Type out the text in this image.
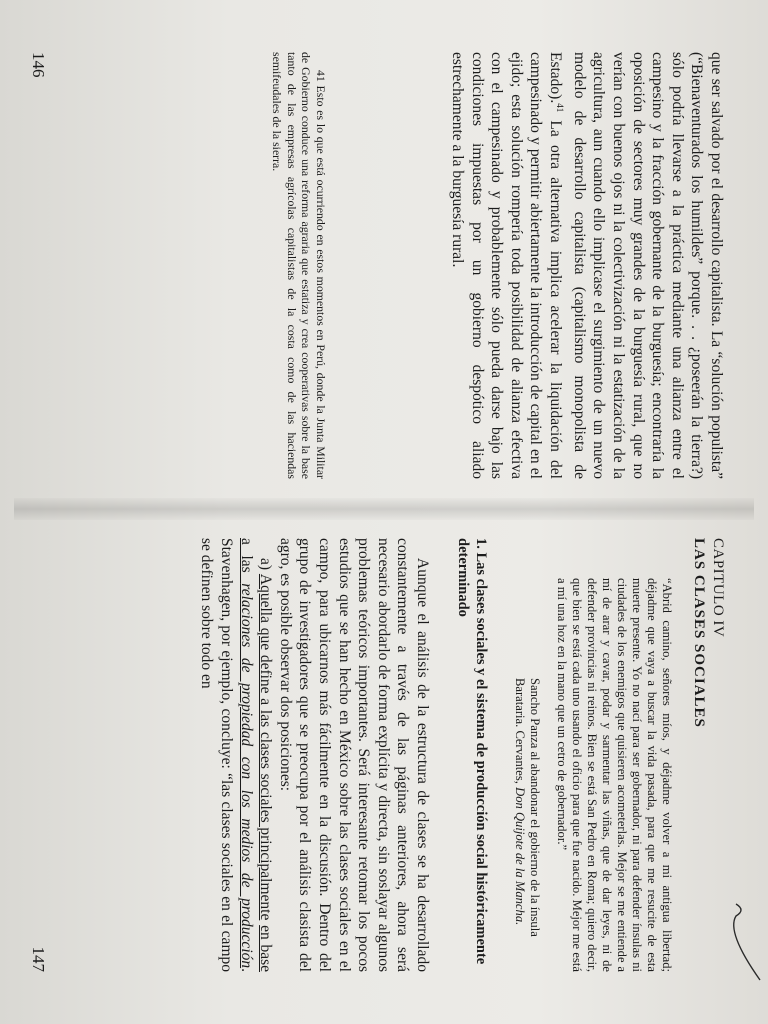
que ser salvado por el desarrollo capitalista. La “solución populista” (“Bienaventurados los humildes” porque. . . ¿poseerán la tierra?) sólo podría llevarse a la práctica mediante una alianza entre el campesino y la fracción gobernante de la burguesía; encontraría la oposición de sectores muy grandes de la burguesía rural, que no verían con buenos ojos ni la colectivización ni la estatización de la agricultura, aun cuando ello implicase el surgimiento de un nuevo modelo de desarrollo capitalista (capitalismo monopolista de Estado).$^{41}$ La otra alternativa implica acelerar la liquidación del campesinado y permitir abiertamente la introducción de capital en el ejido; esta solución rompería toda posibilidad de alianza efectiva con el campesinado y probablemente sólo pueda darse bajo las condiciones impuestas por un gobierno despótico aliado estrechamente a la burguesía rural.

41 Esto es lo que está ocurriendo en estos momentos en Perú, donde la Junta Militar de Gobierno conduce una reforma agraria que estatiza y crea cooperativas sobre la base tanto de las empresas agrícolas capitalistas de la costa como de las haciendas semifeudales de la sierra.

146
CAPITULO IV
LAS CLASES SOCIALES

“Abrid camino, señores míos, y déjadme volver a mi antigua libertad; déjadme que vaya a buscar la vida pasada, para que me resucite de esta muerte presente. Yo no nací para ser gobernador, ni para defender ínsulas ni ciudades de los enemigos que quisieren acometerlas. Mejor se me entiende a mí de arar y cavar, podar y sarmentar las viñas, que de dar leyes, ni de defender provincias ni reinos. Bien se está San Pedro en Roma; quiero decir, que bien se está cada uno usando el oficio para que fue nacido. Mejor me está a mí una hoz en la mano que un cetro de gobernador.”

Sancho Panza al abandonar el gobierno de la ínsula Barataria. Cervantes, Don Quijote de la Mancha.

1. Las clases sociales y el sistema de producción social históricamente determinado

Aunque el análisis de la estructura de clases se ha desarrollado constantemente a través de las páginas anteriores, ahora será necesario abordarlo de forma explícita y directa, sin soslayar algunos problemas teóricos importantes. Será interesante retomar los pocos estudios que se han hecho en México sobre las clases sociales en el campo, para ubicarnos más fácilmente en la discusión. Dentro del grupo de investigadores que se preocupa por el análisis clasista del agro, es posible observar dos posiciones:

a) Aquella que define a las clases sociales principalmente en base a las relaciones de propiedad con los medios de producción. Stavenhagen, por ejemplo, concluye: “las clases sociales en el campo se definen sobre todo en

147
